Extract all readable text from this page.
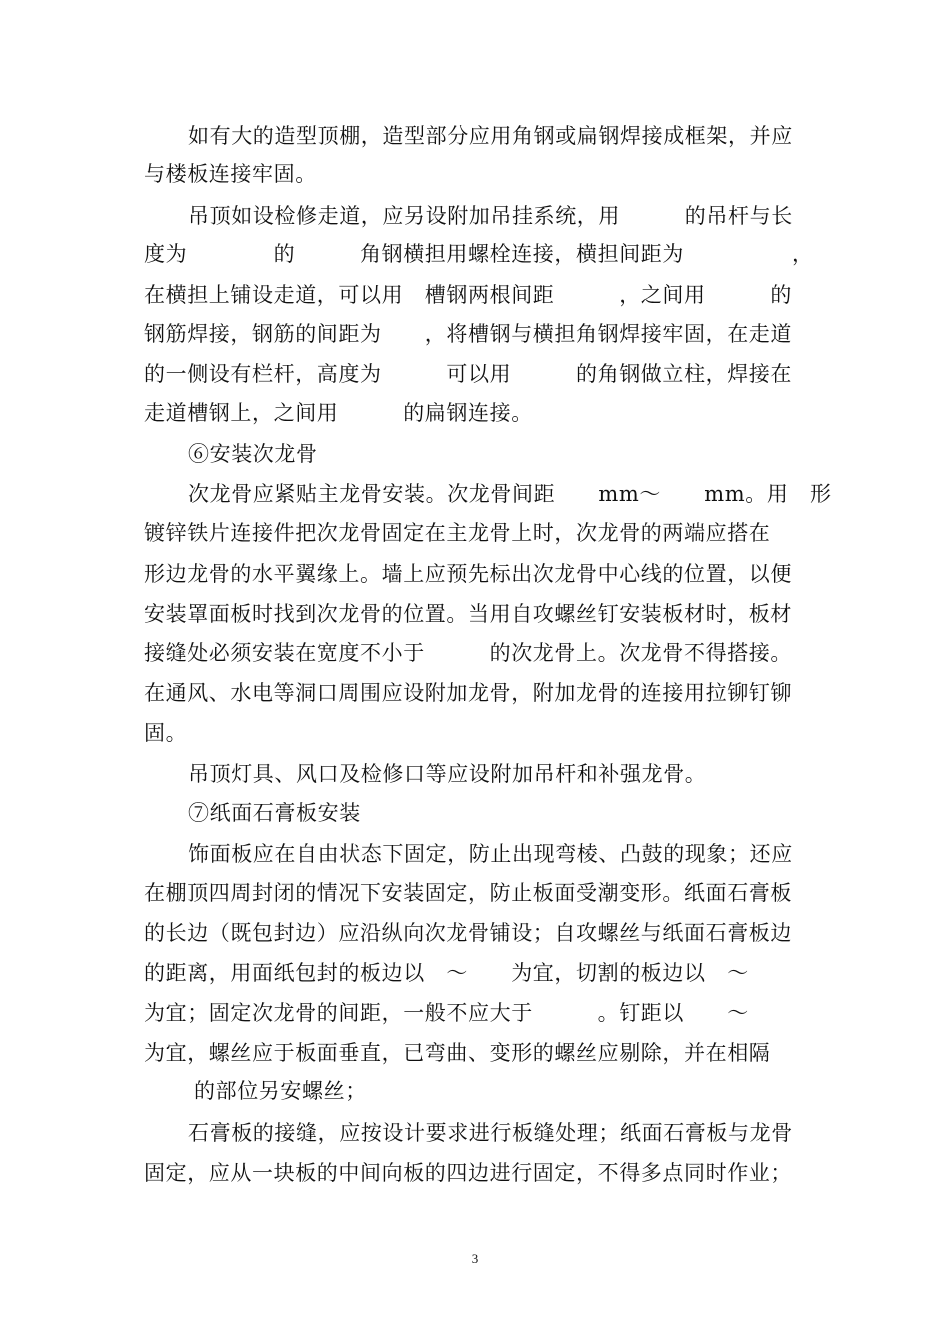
如有大的造型顶棚，造型部分应用角钢或扁钢焊接成框架，并应
与楼板连接牢固。
吊顶如设检修走道，应另设附加吊挂系统，用　　　的吊杆与长
度为　　　　的　　　角钢横担用螺栓连接，横担间距为　　　　　，
在横担上铺设走道，可以用　槽钢两根间距　　　，之间用　　　的
钢筋焊接，钢筋的间距为　　，将槽钢与横担角钢焊接牢固，在走道
的一侧设有栏杆，高度为　　　可以用　　　的角钢做立柱，焊接在
走道槽钢上，之间用　　　的扁钢连接。
⑥安装次龙骨
次龙骨应紧贴主龙骨安装。次龙骨间距　　mm～　　mm。用　形
镀锌铁片连接件把次龙骨固定在主龙骨上时，次龙骨的两端应搭在
形边龙骨的水平翼缘上。墙上应预先标出次龙骨中心线的位置，以便
安装罩面板时找到次龙骨的位置。当用自攻螺丝钉安装板材时，板材
接缝处必须安装在宽度不小于　　　的次龙骨上。次龙骨不得搭接。
在通风、水电等洞口周围应设附加龙骨，附加龙骨的连接用拉铆钉铆
固。
吊顶灯具、风口及检修口等应设附加吊杆和补强龙骨。
⑦纸面石膏板安装
饰面板应在自由状态下固定，防止出现弯棱、凸鼓的现象；还应
在棚顶四周封闭的情况下安装固定，防止板面受潮变形。纸面石膏板
的长边（既包封边）应沿纵向次龙骨铺设；自攻螺丝与纸面石膏板边
的距离，用面纸包封的板边以　～　　为宜，切割的板边以　～
为宜；固定次龙骨的间距，一般不应大于　　　。钉距以　　～
为宜，螺丝应于板面垂直，已弯曲、变形的螺丝应剔除，并在相隔
的部位另安螺丝；
石膏板的接缝，应按设计要求进行板缝处理；纸面石膏板与龙骨
固定，应从一块板的中间向板的四边进行固定，不得多点同时作业；
3
